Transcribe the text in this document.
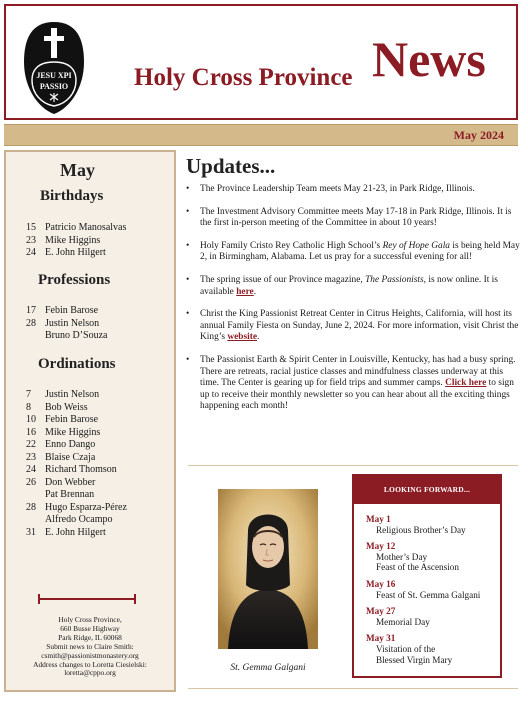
JESU XPI
PASSIO	Holy Cross Province News
May 2024
May
Birthdays
15 Patricio Manosalvas
23 Mike Higgins
24 E. John Hilgert
Professions
17 Febin Barose
28 Justin Nelson
Bruno D’Souza
Ordinations
7	Justin Nelson
8	Bob Weiss
10 Febin Barose
16 Mike Higgins
22 Enno Dango
23 Blaise Czaja
24 Richard Thomson
26 Don Webber
Pat Brennan
28 Hugo Esparza-Pérez
Alfredo Ocampo
31 E. John Hilgert
Holy Cross Province,
660 Busse Highway
Park Ridge, IL 60068
Submit news to Claire Smith:
csmith@passionistmonastery.org
Address changes to Loretta Ciesielski:
loretta@cppo.org
Updates...
• The Province Leadership Team meets May 21-23, in Park Ridge, Illinois.
• The Investment Advisory Committee meets May 17-18 in Park Ridge, Illinois. It is the first in-person meeting of the Committee in about 10 years!
• Holy Family Cristo Rey Catholic High School’s Rey of Hope Gala is being held May 2, in Birmingham, Alabama. Let us pray for a successful evening for all!
• The spring issue of our Province magazine, The Passionists, is now online. It is available here.
• Christ the King Passionist Retreat Center in Citrus Heights, California, will host its annual Family Fiesta on Sunday, June 2, 2024. For more information, visit Christ the King’s website.
• The Passionist Earth & Spirit Center in Louisville, Kentucky, has had a busy spring. There are retreats, racial justice classes and mindfulness classes underway at this time. The Center is gearing up for field trips and summer camps. Click here to sign up to receive their monthly newsletter so you can hear about all the exciting things happening each month!
St. Gemma Galgani
LOOKING FORWARD...
May 1
Religious Brother’s Day
May 12
Mother’s Day
Feast of the Ascension
May 16
Feast of St. Gemma Galgani
May 27
Memorial Day
May 31
Visitation of the
Blessed Virgin Mary
